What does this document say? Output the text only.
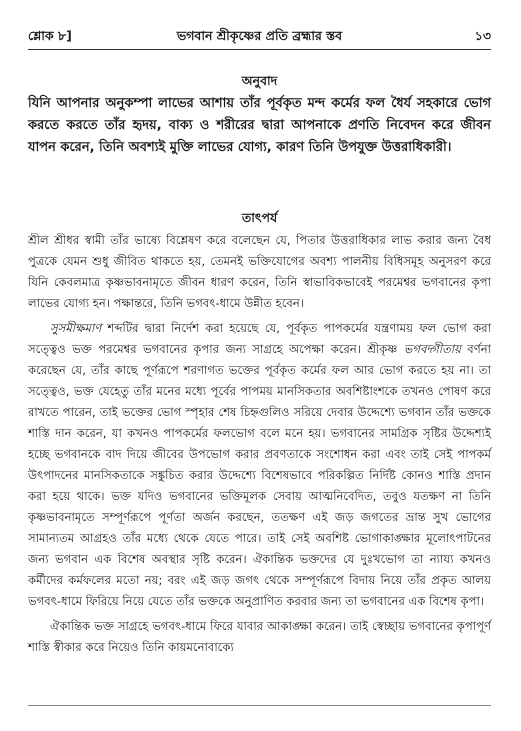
শ্লোক ৮]	ভগবান শ্রীকৃষ্ণের প্রতি ব্রহ্মার স্তব	১৩
অনুবাদ
যিনি আপনার অনুকম্পা লাভের আশায় তাঁর পূর্বকৃত মন্দ কর্মের ফল ধৈর্য সহকারে ভোগ করতে করতে তাঁর হৃদয়, বাক্য ও শরীরের দ্বারা আপনাকে প্রণতি নিবেদন করে জীবন যাপন করেন, তিনি অবশ্যই মুক্তি লাভের যোগ্য, কারণ তিনি উপযুক্ত উত্তরাধিকারী।
তাৎপর্য

শ্রীল শ্রীধর স্বামী তাঁর ভাষ্যে বিশ্লেষণ করে বলেছেন যে, পিতার উত্তরাধিকার লাভ করার জন্য বৈধ পুত্রকে যেমন শুধু জীবিত থাকতে হয়, তেমনই ভক্তিযোগের অবশ্য পালনীয় বিধিসমূহ অনুসরণ করে যিনি কেবলমাত্র কৃষ্ণভাবনামৃতে জীবন ধারণ করেন, তিনি স্বাভাবিকভাবেই পরমেশ্বর ভগবানের কৃপা লাভের যোগ্য হন। পক্ষান্তরে, তিনি ভগবৎ-ধামে উন্নীত হবেন।

সুসমীক্ষমাণ শব্দটির দ্বারা নির্দেশ করা হয়েছে যে, পূর্বকৃত পাপকর্মের যন্ত্রণাময় ফল ভোগ করা সত্ত্বেও ভক্ত পরমেশ্বর ভগবানের কৃপার জন্য সাগ্রহে অপেক্ষা করেন। শ্রীকৃষ্ণ ভগবদ্গীতায় বর্ণনা করেছেন যে, তাঁর কাছে পূর্ণরূপে শরণাগত ভক্তের পূর্বকৃত কর্মের ফল আর ভোগ করতে হয় না। তা সত্ত্বেও, ভক্ত যেহেতু তাঁর মনের মধ্যে পূর্বের পাপময় মানসিকতার অবশিষ্টাংশকে তখনও পোষণ করে রাখতে পারেন, তাই ভক্তের ভোগ স্পৃহার শেষ চিহ্নগুলিও সরিয়ে দেবার উদ্দেশ্যে ভগবান তাঁর ভক্তকে শাস্তি দান করেন, যা কখনও পাপকর্মের ফলভোগ বলে মনে হয়। ভগবানের সামগ্রিক সৃষ্টির উদ্দেশ্যই হচ্ছে ভগবানকে বাদ দিয়ে জীবের উপভোগ করার প্রবণতাকে সংশোধন করা এবং তাই সেই পাপকর্ম উৎপাদনের মানসিকতাকে সঙ্কুচিত করার উদ্দেশ্যে বিশেষভাবে পরিকল্পিত নির্দিষ্ট কোনও শাস্তি প্রদান করা হয়ে থাকে। ভক্ত যদিও ভগবানের ভক্তিমূলক সেবায় আত্মনিবেদিত, তবুও যতক্ষণ না তিনি কৃষ্ণভাবনামৃতে সম্পূর্ণরূপে পূর্ণতা অর্জন করছেন, ততক্ষণ এই জড় জগতের ভ্রান্ত সুখ ভোগের সামান্যতম আগ্রহও তাঁর মধ্যে থেকে যেতে পারে। তাই সেই অবশিষ্ট ভোগাকাঙ্ক্ষার মূলোৎপাটনের জন্য ভগবান এক বিশেষ অবস্থার সৃষ্টি করেন। ঐকান্তিক ভক্তদের যে দুঃখভোগ তা ন্যায্য কখনও কর্মীদের কর্মফলের মতো নয়; বরং এই জড় জগৎ থেকে সম্পূর্ণরূপে বিদায় নিয়ে তাঁর প্রকৃত আলয় ভগবৎ-ধামে ফিরিয়ে নিয়ে যেতে তাঁর ভক্তকে অনুপ্রাণিত করবার জন্য তা ভগবানের এক বিশেষ কৃপা।

ঐকান্তিক ভক্ত সাগ্রহে ভগবৎ-ধামে ফিরে যাবার আকাঙ্ক্ষা করেন। তাই স্বেচ্ছায় ভগবানের কৃপাপূর্ণ শাস্তি স্বীকার করে নিয়েও তিনি কায়মনোবাক্যে
